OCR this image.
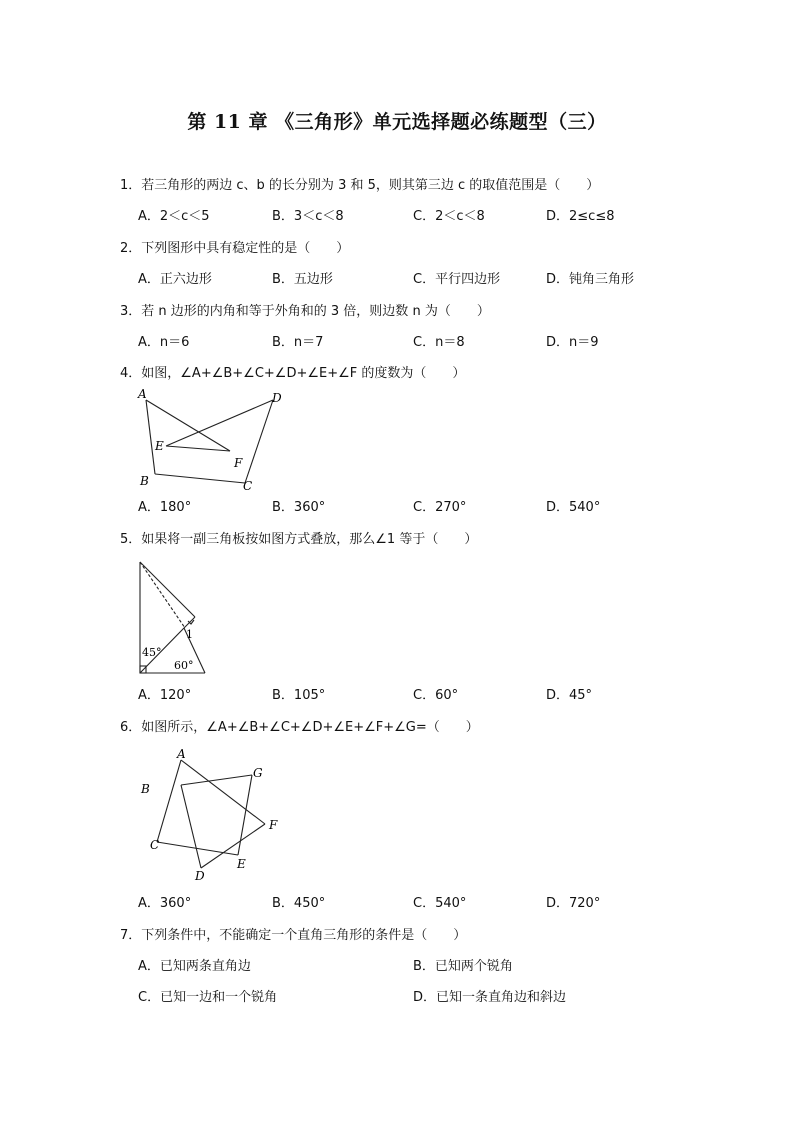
第 11 章 《三角形》单元选择题必练题型（三）
1．若三角形的两边 c、b 的长分别为 3 和 5，则其第三边 c 的取值范围是（　　）
A．2＜c＜5	B．3＜c＜8	C．2＜c＜8	D．2≤c≤8
2．下列图形中具有稳定性的是（　　）
A．正六边形	B．五边形	C．平行四边形	D．钝角三角形
3．若 n 边形的内角和等于外角和的 3 倍，则边数 n 为（　　）
A．n＝6	B．n＝7	C．n＝8	D．n＝9
4．如图，∠A+∠B+∠C+∠D+∠E+∠F 的度数为（　　）
A	D
E
F
B	C
A．180°	B．360°	C．270°	D．540°
5．如果将一副三角板按如图方式叠放，那么∠1 等于（　　）
1
45°
60°
A．120°	B．105°	C．60°	D．45°
6．如图所示，∠A+∠B+∠C+∠D+∠E+∠F+∠G=（　　）
A
G
B
F
C
E
D
A．360°	B．450°	C．540°	D．720°
7．下列条件中，不能确定一个直角三角形的条件是（　　）
A．已知两条直角边	B．已知两个锐角
C．已知一边和一个锐角	D．已知一条直角边和斜边
